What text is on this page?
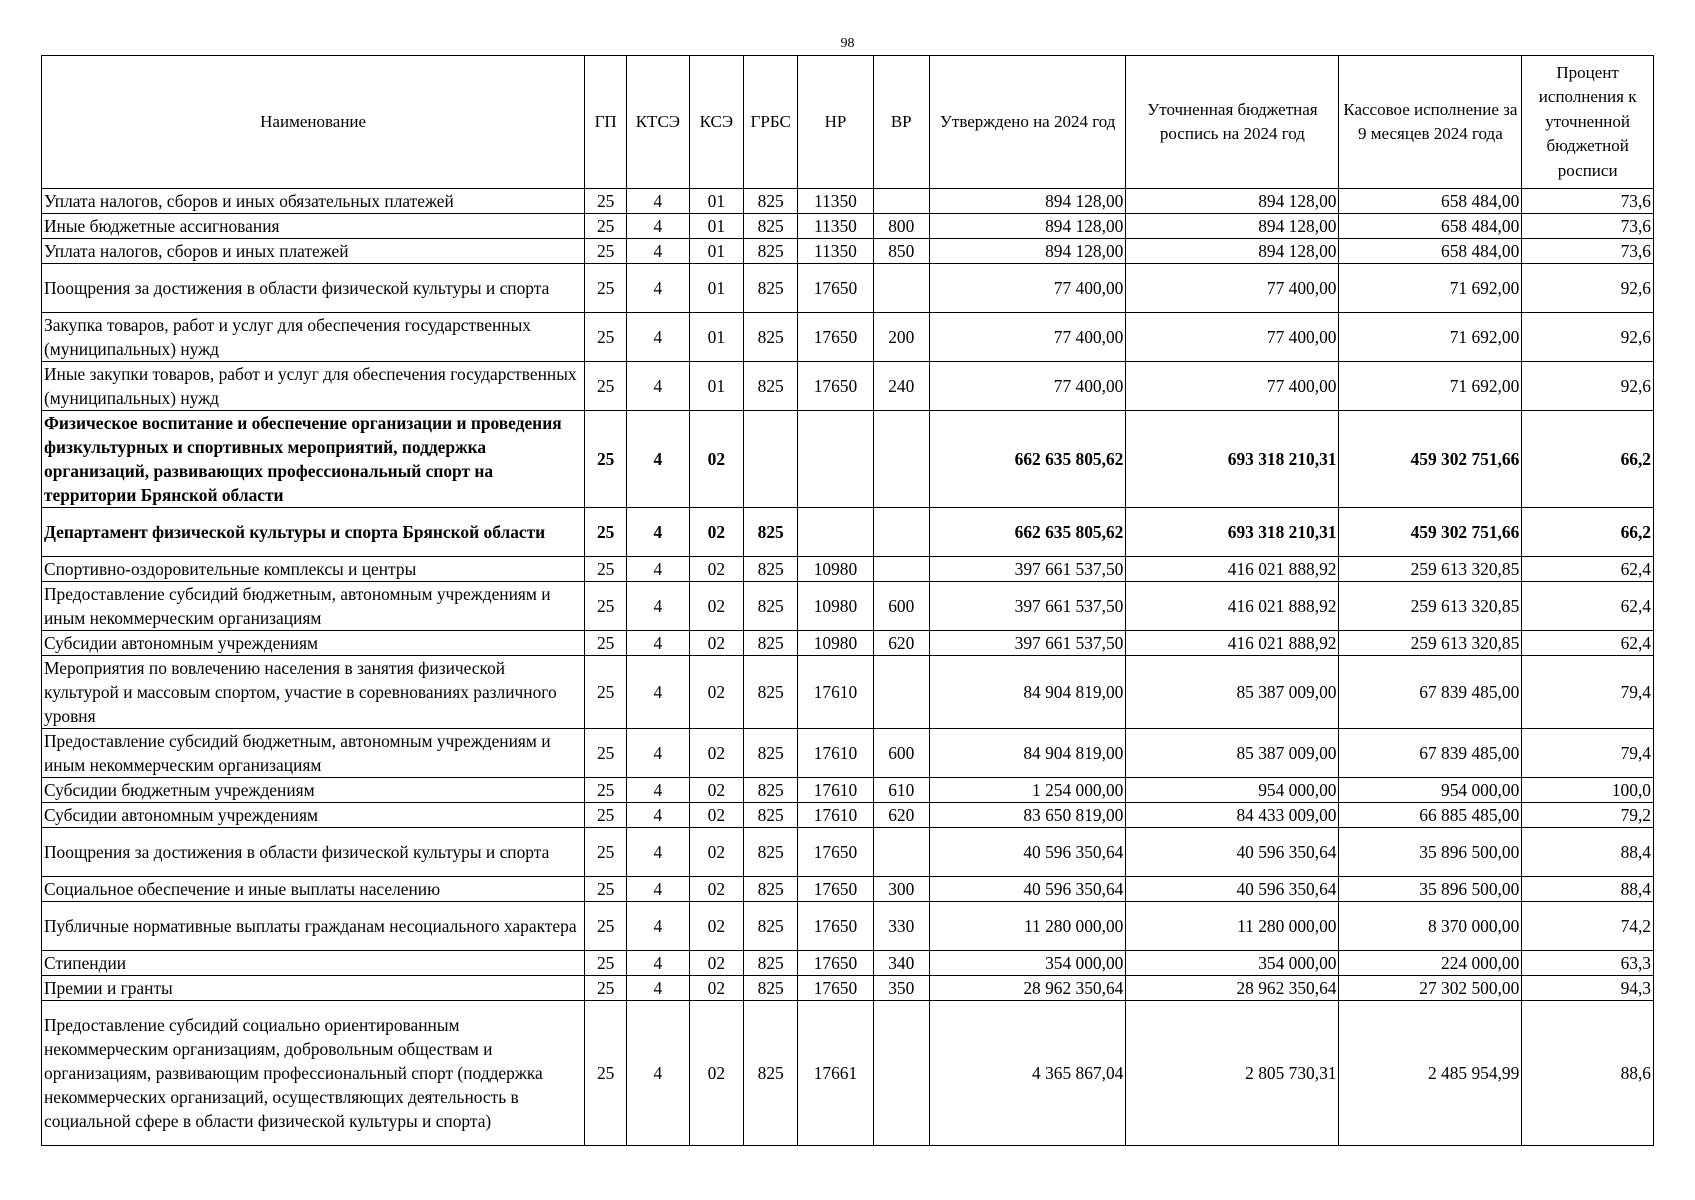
98
Наименование	ГП	КТСЭ	КСЭ	ГРБС	НР	ВР	Утверждено на 2024 год	Уточненная бюджетная роспись на 2024 год	Кассовое исполнение за 9 месяцев 2024 года	Процент исполнения к уточненной бюджетной росписи
Уплата налогов, сборов и иных обязательных платежей	25	4	01	825	11350		894 128,00	894 128,00	658 484,00	73,6
Иные бюджетные ассигнования	25	4	01	825	11350	800	894 128,00	894 128,00	658 484,00	73,6
Уплата налогов, сборов и иных платежей	25	4	01	825	11350	850	894 128,00	894 128,00	658 484,00	73,6
Поощрения за достижения в области физической культуры и спорта	25	4	01	825	17650		77 400,00	77 400,00	71 692,00	92,6
Закупка товаров, работ и услуг для обеспечения государственных (муниципальных) нужд	25	4	01	825	17650	200	77 400,00	77 400,00	71 692,00	92,6
Иные закупки товаров, работ и услуг для обеспечения государственных (муниципальных) нужд	25	4	01	825	17650	240	77 400,00	77 400,00	71 692,00	92,6
Физическое воспитание и обеспечение организации и проведения физкультурных и спортивных мероприятий, поддержка организаций, развивающих профессиональный спорт на территории Брянской области	25	4	02				662 635 805,62	693 318 210,31	459 302 751,66	66,2
Департамент физической культуры и спорта Брянской области	25	4	02	825			662 635 805,62	693 318 210,31	459 302 751,66	66,2
Спортивно-оздоровительные комплексы и центры	25	4	02	825	10980		397 661 537,50	416 021 888,92	259 613 320,85	62,4
Предоставление субсидий бюджетным, автономным учреждениям и иным некоммерческим организациям	25	4	02	825	10980	600	397 661 537,50	416 021 888,92	259 613 320,85	62,4
Субсидии автономным учреждениям	25	4	02	825	10980	620	397 661 537,50	416 021 888,92	259 613 320,85	62,4
Мероприятия по вовлечению населения в занятия физической культурой и массовым спортом, участие в соревнованиях различного уровня	25	4	02	825	17610		84 904 819,00	85 387 009,00	67 839 485,00	79,4
Предоставление субсидий бюджетным, автономным учреждениям и иным некоммерческим организациям	25	4	02	825	17610	600	84 904 819,00	85 387 009,00	67 839 485,00	79,4
Субсидии бюджетным учреждениям	25	4	02	825	17610	610	1 254 000,00	954 000,00	954 000,00	100,0
Субсидии автономным учреждениям	25	4	02	825	17610	620	83 650 819,00	84 433 009,00	66 885 485,00	79,2
Поощрения за достижения в области физической культуры и спорта	25	4	02	825	17650		40 596 350,64	40 596 350,64	35 896 500,00	88,4
Социальное обеспечение и иные выплаты населению	25	4	02	825	17650	300	40 596 350,64	40 596 350,64	35 896 500,00	88,4
Публичные нормативные выплаты гражданам несоциального характера	25	4	02	825	17650	330	11 280 000,00	11 280 000,00	8 370 000,00	74,2
Стипендии	25	4	02	825	17650	340	354 000,00	354 000,00	224 000,00	63,3
Премии и гранты	25	4	02	825	17650	350	28 962 350,64	28 962 350,64	27 302 500,00	94,3
Предоставление субсидий социально ориентированным некоммерческим организациям, добровольным обществам и организациям, развивающим профессиональный спорт (поддержка некоммерческих организаций, осуществляющих деятельность в социальной сфере в области физической культуры и спорта)	25	4	02	825	17661		4 365 867,04	2 805 730,31	2 485 954,99	88,6
